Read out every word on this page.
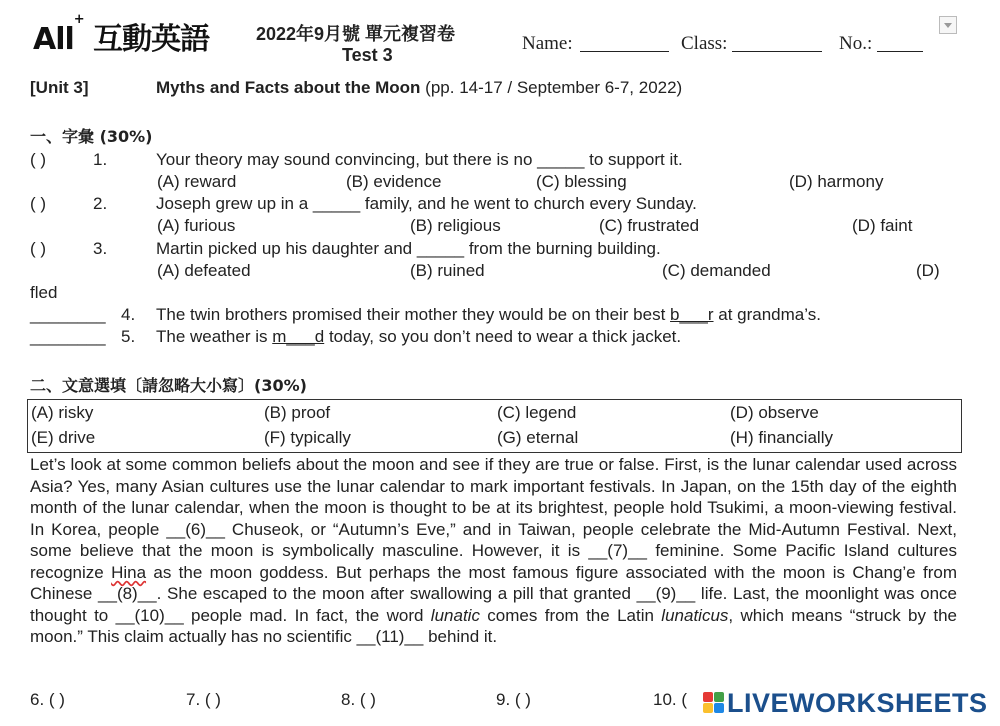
All+ 互動英語	2022年9月號 單元複習卷
Test 3
Name:	Class:	No.:
[Unit 3]	Myths and Facts about the Moon (pp. 14-17 / September 6-7, 2022)
一、字彙 (30%)
( )	1.	Your theory may sound convincing, but there is no _____ to support it.
(A) reward	(B) evidence	(C) blessing	(D) harmony
( )	2.	Joseph grew up in a _____ family, and he went to church every Sunday.
(A) furious	(B) religious	(C) frustrated	(D) faint
( )	3.	Martin picked up his daughter and _____ from the burning building.
(A) defeated	(B) ruined	(C) demanded	(D)
fled
________ 4. The twin brothers promised their mother they would be on their best b___r at grandma’s.
________ 5. The weather is m___d today, so you don’t need to wear a thick jacket.
二、文意選填〔請忽略大小寫〕(30%)
(A) risky	(B) proof	(C) legend	(D) observe
(E) drive	(F) typically	(G) eternal	(H) financially

Let’s look at some common beliefs about the moon and see if they are true or false. First, is the lunar calendar used across Asia? Yes, many Asian cultures use the lunar calendar to mark important festivals. In Japan, on the 15th day of the eighth month of the lunar calendar, when the moon is thought to be at its brightest, people hold Tsukimi, a moon-viewing festival. In Korea, people __(6)__ Chuseok, or “Autumn’s Eve,” and in Taiwan, people celebrate the Mid-Autumn Festival. Next, some believe that the moon is symbolically masculine. However, it is __(7)__ feminine. Some Pacific Island cultures recognize Hina as the moon goddess. But perhaps the most famous figure associated with the moon is Chang’e from Chinese __(8)__. She escaped to the moon after swallowing a pill that granted __(9)__ life. Last, the moonlight was once thought to __(10)__ people mad. In fact, the word lunatic comes from the Latin lunaticus, which means “struck by the moon.” This claim actually has no scientific __(11)__ behind it.

6. ( )	7. ( )	8. ( )	9. ( )	10. (	LIVEWORKSHEETS
